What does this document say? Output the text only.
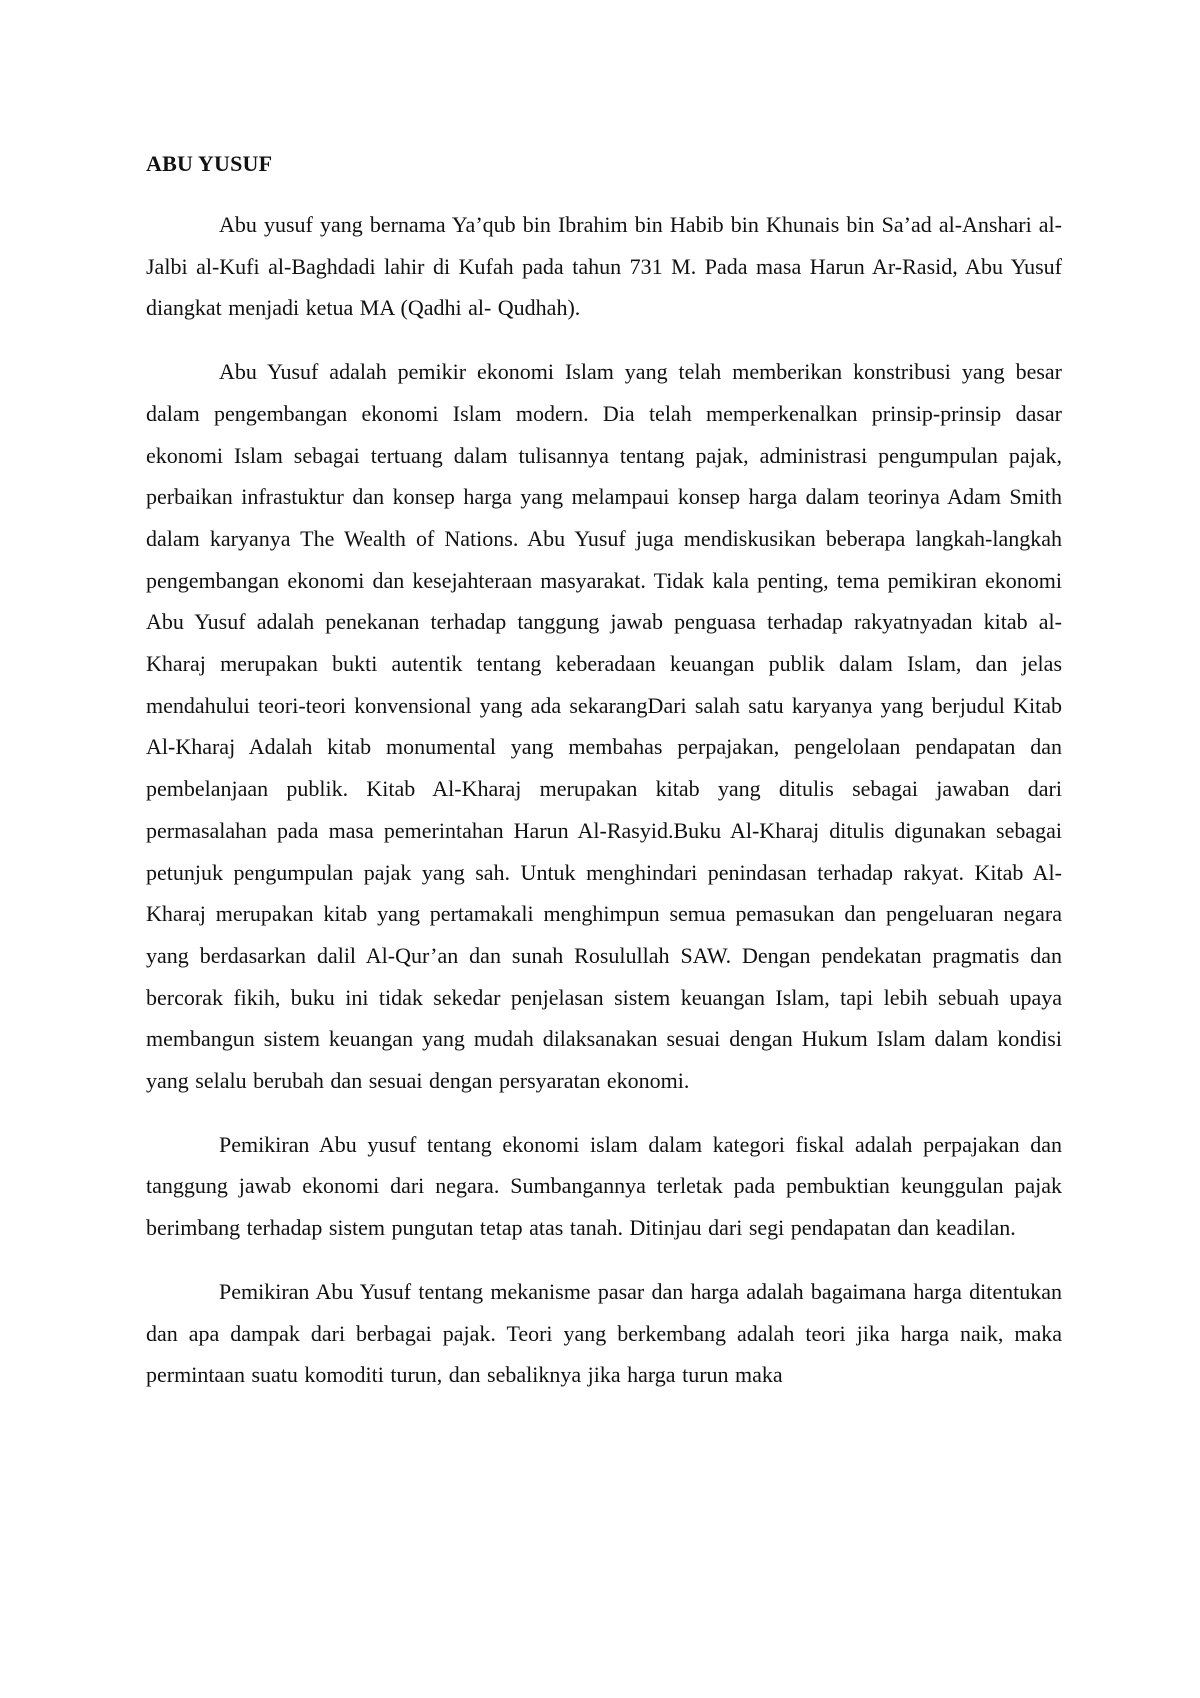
ABU YUSUF

Abu yusuf yang bernama Ya’qub bin Ibrahim bin Habib bin Khunais bin Sa’ad al-Anshari al-Jalbi al-Kufi al-Baghdadi lahir di Kufah pada tahun 731 M. Pada masa Harun Ar-Rasid, Abu Yusuf diangkat menjadi ketua MA (Qadhi al- Qudhah).

Abu Yusuf adalah pemikir ekonomi Islam yang telah memberikan konstribusi yang besar dalam pengembangan ekonomi Islam modern. Dia telah memperkenalkan prinsip-prinsip dasar ekonomi Islam sebagai tertuang dalam tulisannya tentang pajak, administrasi pengumpulan pajak, perbaikan infrastuktur dan konsep harga yang melampaui konsep harga dalam teorinya Adam Smith dalam karyanya The Wealth of Nations. Abu Yusuf juga mendiskusikan beberapa langkah-langkah pengembangan ekonomi dan kesejahteraan masyarakat. Tidak kala penting, tema pemikiran ekonomi Abu Yusuf adalah penekanan terhadap tanggung jawab penguasa terhadap rakyatnyadan kitab al-Kharaj merupakan bukti autentik tentang keberadaan keuangan publik dalam Islam, dan jelas mendahului teori-teori konvensional yang ada sekarangDari salah satu karyanya yang berjudul Kitab Al-Kharaj Adalah kitab monumental yang membahas perpajakan, pengelolaan pendapatan dan pembelanjaan publik. Kitab Al-Kharaj merupakan kitab yang ditulis sebagai jawaban dari permasalahan pada masa pemerintahan Harun Al-Rasyid.Buku Al-Kharaj ditulis digunakan sebagai petunjuk pengumpulan pajak yang sah. Untuk menghindari penindasan terhadap rakyat. Kitab Al-Kharaj merupakan kitab yang pertamakali menghimpun semua pemasukan dan pengeluaran negara yang berdasarkan dalil Al-Qur’an dan sunah Rosulullah SAW. Dengan pendekatan pragmatis dan bercorak fikih, buku ini tidak sekedar penjelasan sistem keuangan Islam, tapi lebih sebuah upaya membangun sistem keuangan yang mudah dilaksanakan sesuai dengan Hukum Islam dalam kondisi yang selalu berubah dan sesuai dengan persyaratan ekonomi.

Pemikiran Abu yusuf tentang ekonomi islam dalam kategori fiskal adalah perpajakan dan tanggung jawab ekonomi dari negara. Sumbangannya terletak pada pembuktian keunggulan pajak berimbang terhadap sistem pungutan tetap atas tanah. Ditinjau dari segi pendapatan dan keadilan.

Pemikiran Abu Yusuf tentang mekanisme pasar dan harga adalah bagaimana harga ditentukan dan apa dampak dari berbagai pajak. Teori yang berkembang adalah teori jika harga naik, maka permintaan suatu komoditi turun, dan sebaliknya jika harga turun maka
